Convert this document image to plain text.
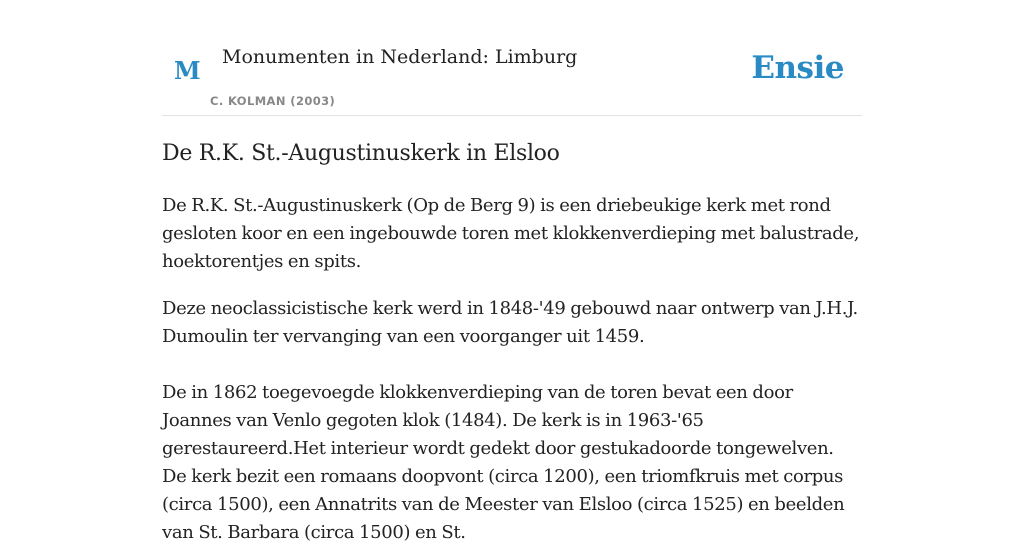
M Monumenten in Nederland: Limburg
C. KOLMAN (2003)
Ensie
De R.K. St.-Augustinuskerk in Elsloo

De R.K. St.-Augustinuskerk (Op de Berg 9) is een driebeukige kerk met rond gesloten koor en een ingebouwde toren met klokkenverdieping met balustrade, hoektorentjes en spits.

Deze neoclassicistische kerk werd in 1848-'49 gebouwd naar ontwerp van J.H.J. Dumoulin ter vervanging van een voorganger uit 1459.

De in 1862 toegevoegde klokkenverdieping van de toren bevat een door Joannes van Venlo gegoten klok (1484). De kerk is in 1963-'65 gerestaureerd.Het interieur wordt gedekt door gestukadoorde tongewelven. De kerk bezit een romaans doopvont (circa 1200), een triomfkruis met corpus (circa 1500), een Annatrits van de Meester van Elsloo (circa 1525) en beelden van St. Barbara (circa 1500) en St.
